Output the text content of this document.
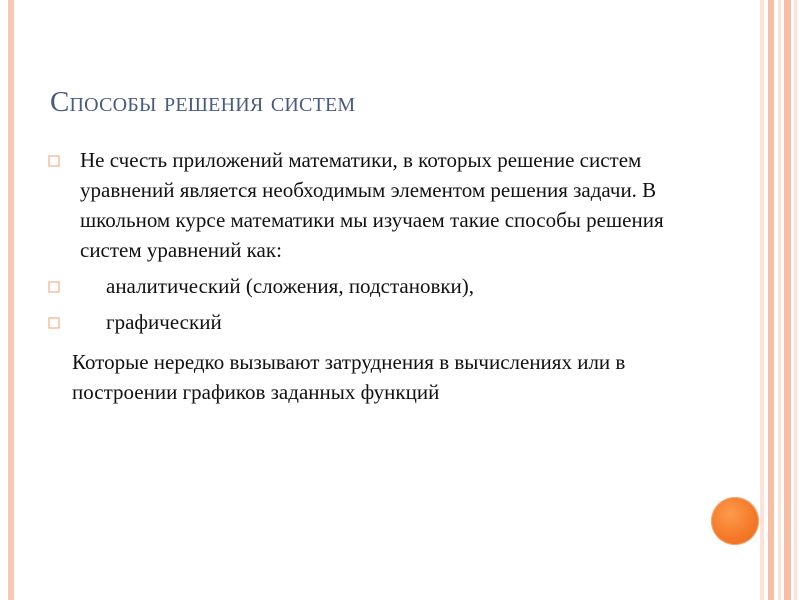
Способы решения систем
Не счесть приложений математики, в которых решение систем уравнений является необходимым элементом решения задачи. В школьном курсе математики мы изучаем такие способы решения систем уравнений как:
аналитический (сложения, подстановки),
графический
Которые нередко вызывают затруднения в вычислениях или в построении графиков заданных функций
